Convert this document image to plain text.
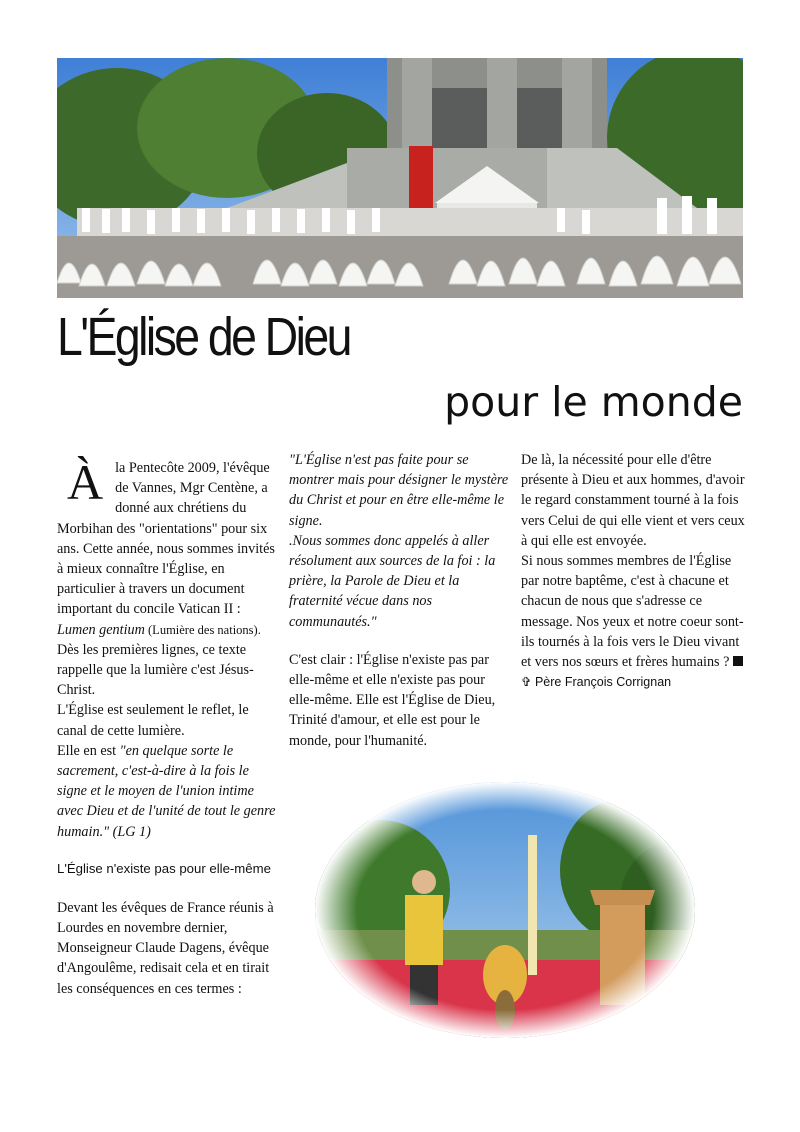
L'Église de Dieu
pour le monde
À la Pentecôte 2009, l'évêque de Vannes, Mgr Centène, a donné aux chrétiens du Morbihan des "orientations" pour six ans. Cette année, nous sommes invités à mieux connaître l'Église, en particulier à travers un document important du concile Vatican II : Lumen gentium (Lumière des nations). Dès les premières lignes, ce texte rappelle que la lumière c'est Jésus-Christ.

L'Église est seulement le reflet, le canal de cette lumière.

Elle en est "en quelque sorte le sacrement, c'est-à-dire à la fois le signe et le moyen de l'union intime avec Dieu et de l'unité de tout le genre humain." (LG 1)

L'Église n'existe pas pour elle-même

Devant les évêques de France réunis à Lourdes en novembre dernier, Monseigneur Claude Dagens, évêque d'Angoulême, redisait cela et en tirait les conséquences en ces termes :

"L'Église n'est pas faite pour se montrer mais pour désigner le mystère du Christ et pour en être elle-même le signe.

.Nous sommes donc appelés à aller résolument aux sources de la foi : la prière, la Parole de Dieu et la fraternité vécue dans nos communautés."

C'est clair : l'Église n'existe pas par elle-même et elle n'existe pas pour elle-même. Elle est l'Église de Dieu, Trinité d'amour, et elle est pour le monde, pour l'humanité.

De là, la nécessité pour elle d'être présente à Dieu et aux hommes, d'avoir le regard constamment tourné à la fois vers Celui de qui elle vient et vers ceux à qui elle est envoyée.

Si nous sommes membres de l'Église par notre baptême, c'est à chacune et chacun de nous que s'adresse ce message. Nos yeux et notre coeur sont-ils tournés à la fois vers le Dieu vivant et vers nos sœurs et frères humains ?

✞ Père François Corrignan
